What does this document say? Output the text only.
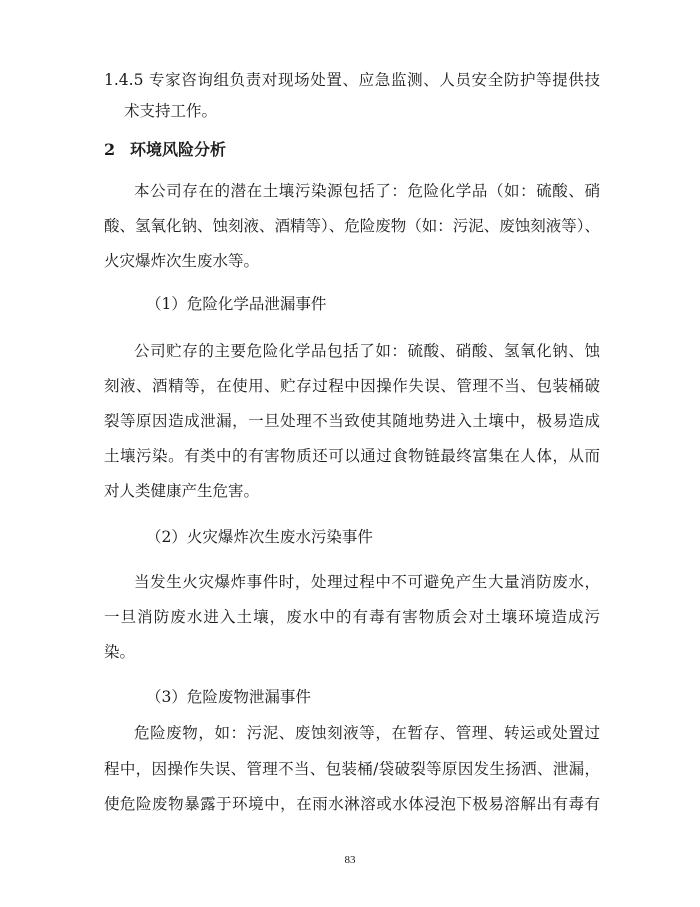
1.4.5 专家咨询组负责对现场处置、应急监测、人员安全防护等提供技
术支持工作。
2 环境风险分析
本公司存在的潜在土壤污染源包括了：危险化学品（如：硫酸、硝
酸、氢氧化钠、蚀刻液、酒精等）、危险废物（如：污泥、废蚀刻液等）、
火灾爆炸次生废水等。
（1）危险化学品泄漏事件
公司贮存的主要危险化学品包括了如：硫酸、硝酸、氢氧化钠、蚀
刻液、酒精等，在使用、贮存过程中因操作失误、管理不当、包装桶破
裂等原因造成泄漏，一旦处理不当致使其随地势进入土壤中，极易造成
土壤污染。有类中的有害物质还可以通过食物链最终富集在人体，从而
对人类健康产生危害。
（2）火灾爆炸次生废水污染事件
当发生火灾爆炸事件时，处理过程中不可避免产生大量消防废水，
一旦消防废水进入土壤，废水中的有毒有害物质会对土壤环境造成污
染。
（3）危险废物泄漏事件
危险废物，如：污泥、废蚀刻液等，在暂存、管理、转运或处置过
程中，因操作失误、管理不当、包装桶/袋破裂等原因发生扬洒、泄漏，
使危险废物暴露于环境中，在雨水淋溶或水体浸泡下极易溶解出有毒有
83
